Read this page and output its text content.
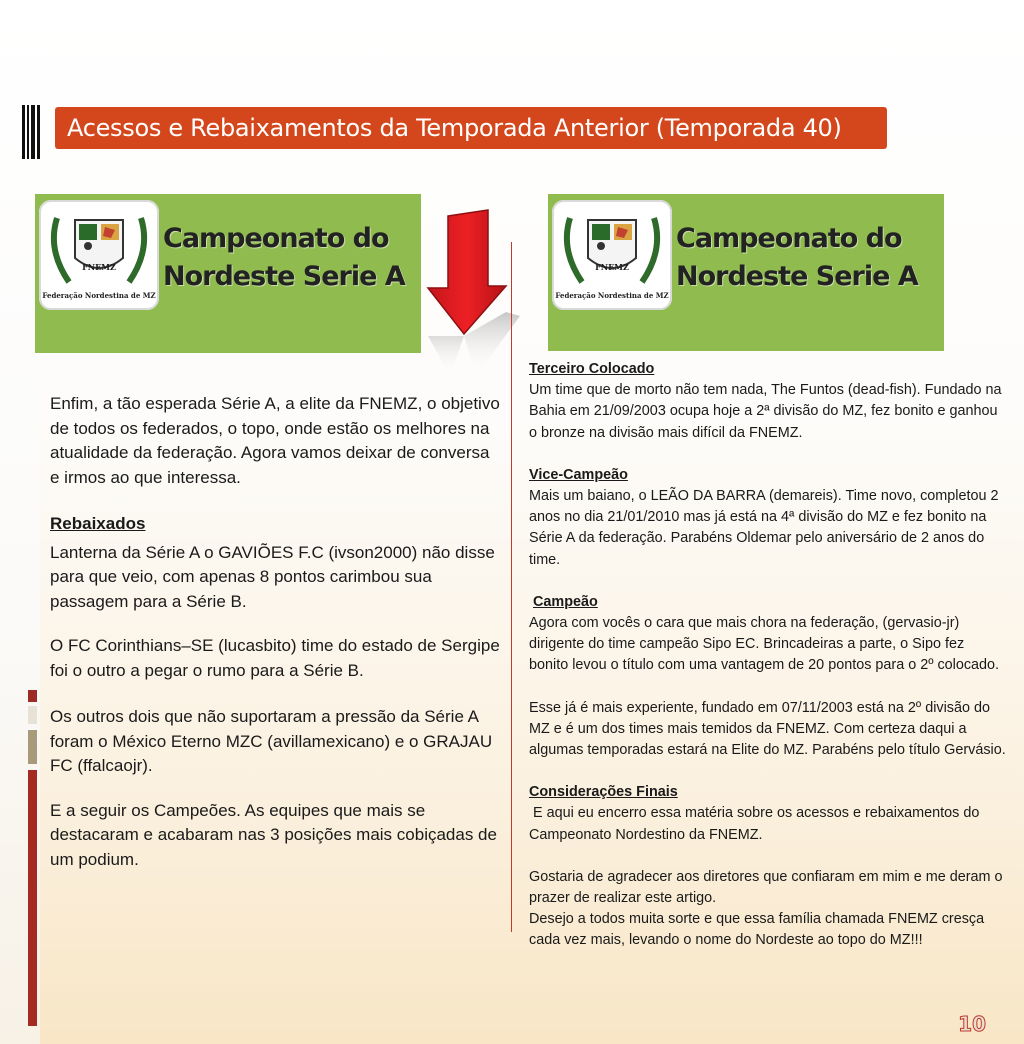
Acessos e Rebaixamentos da Temporada Anterior (Temporada 40)
FNEMZ
Federação Nordestina de MZ
Campeonato do
Nordeste Serie A	FNEMZ
Federação Nordestina de MZ
Campeonato do
Nordeste Serie A

Enfim, a tão esperada Série A, a elite da FNEMZ, o objetivo de todos os federados, o topo, onde estão os melhores na atualidade da federação. Agora vamos deixar de conversa e irmos ao que interessa.

Rebaixados

Lanterna da Série A o GAVIÕES F.C (ivson2000) não disse para que veio, com apenas 8 pontos carimbou sua passagem para a Série B.

O FC Corinthians–SE (lucasbito) time do estado de Sergipe foi o outro a pegar o rumo para a Série B.

Os outros dois que não suportaram a pressão da Série A foram o México Eterno MZC (avillamexicano) e o GRAJAU FC (ffalcaojr).

E a seguir os Campeões. As equipes que mais se destacaram e acabaram nas 3 posições mais cobiçadas de um podium.

Terceiro Colocado

Um time que de morto não tem nada, The Funtos (dead-fish). Fundado na Bahia em 21/09/2003 ocupa hoje a 2ª divisão do MZ, fez bonito e ganhou o bronze na divisão mais difícil da FNEMZ.

Vice-Campeão

Mais um baiano, o LEÃO DA BARRA (demareis). Time novo, completou 2 anos no dia 21/01/2010 mas já está na 4ª divisão do MZ e fez bonito na Série A da federação. Parabéns Oldemar pelo aniversário de 2 anos do time.

Campeão

Agora com vocês o cara que mais chora na federação, (gervasio-jr) dirigente do time campeão Sipo EC. Brincadeiras a parte, o Sipo fez bonito levou o título com uma vantagem de 20 pontos para o 2º colocado.

Esse já é mais experiente, fundado em 07/11/2003 está na 2º divisão do MZ e é um dos times mais temidos da FNEMZ. Com certeza daqui a algumas temporadas estará na Elite do MZ. Parabéns pelo título Gervásio.

Considerações Finais

E aqui eu encerro essa matéria sobre os acessos e rebaixamentos do Campeonato Nordestino da FNEMZ.

Gostaria de agradecer aos diretores que confiaram em mim e me deram o prazer de realizar este artigo.

Desejo a todos muita sorte e que essa família chamada FNEMZ cresça cada vez mais, levando o nome do Nordeste ao topo do MZ!!!

10
